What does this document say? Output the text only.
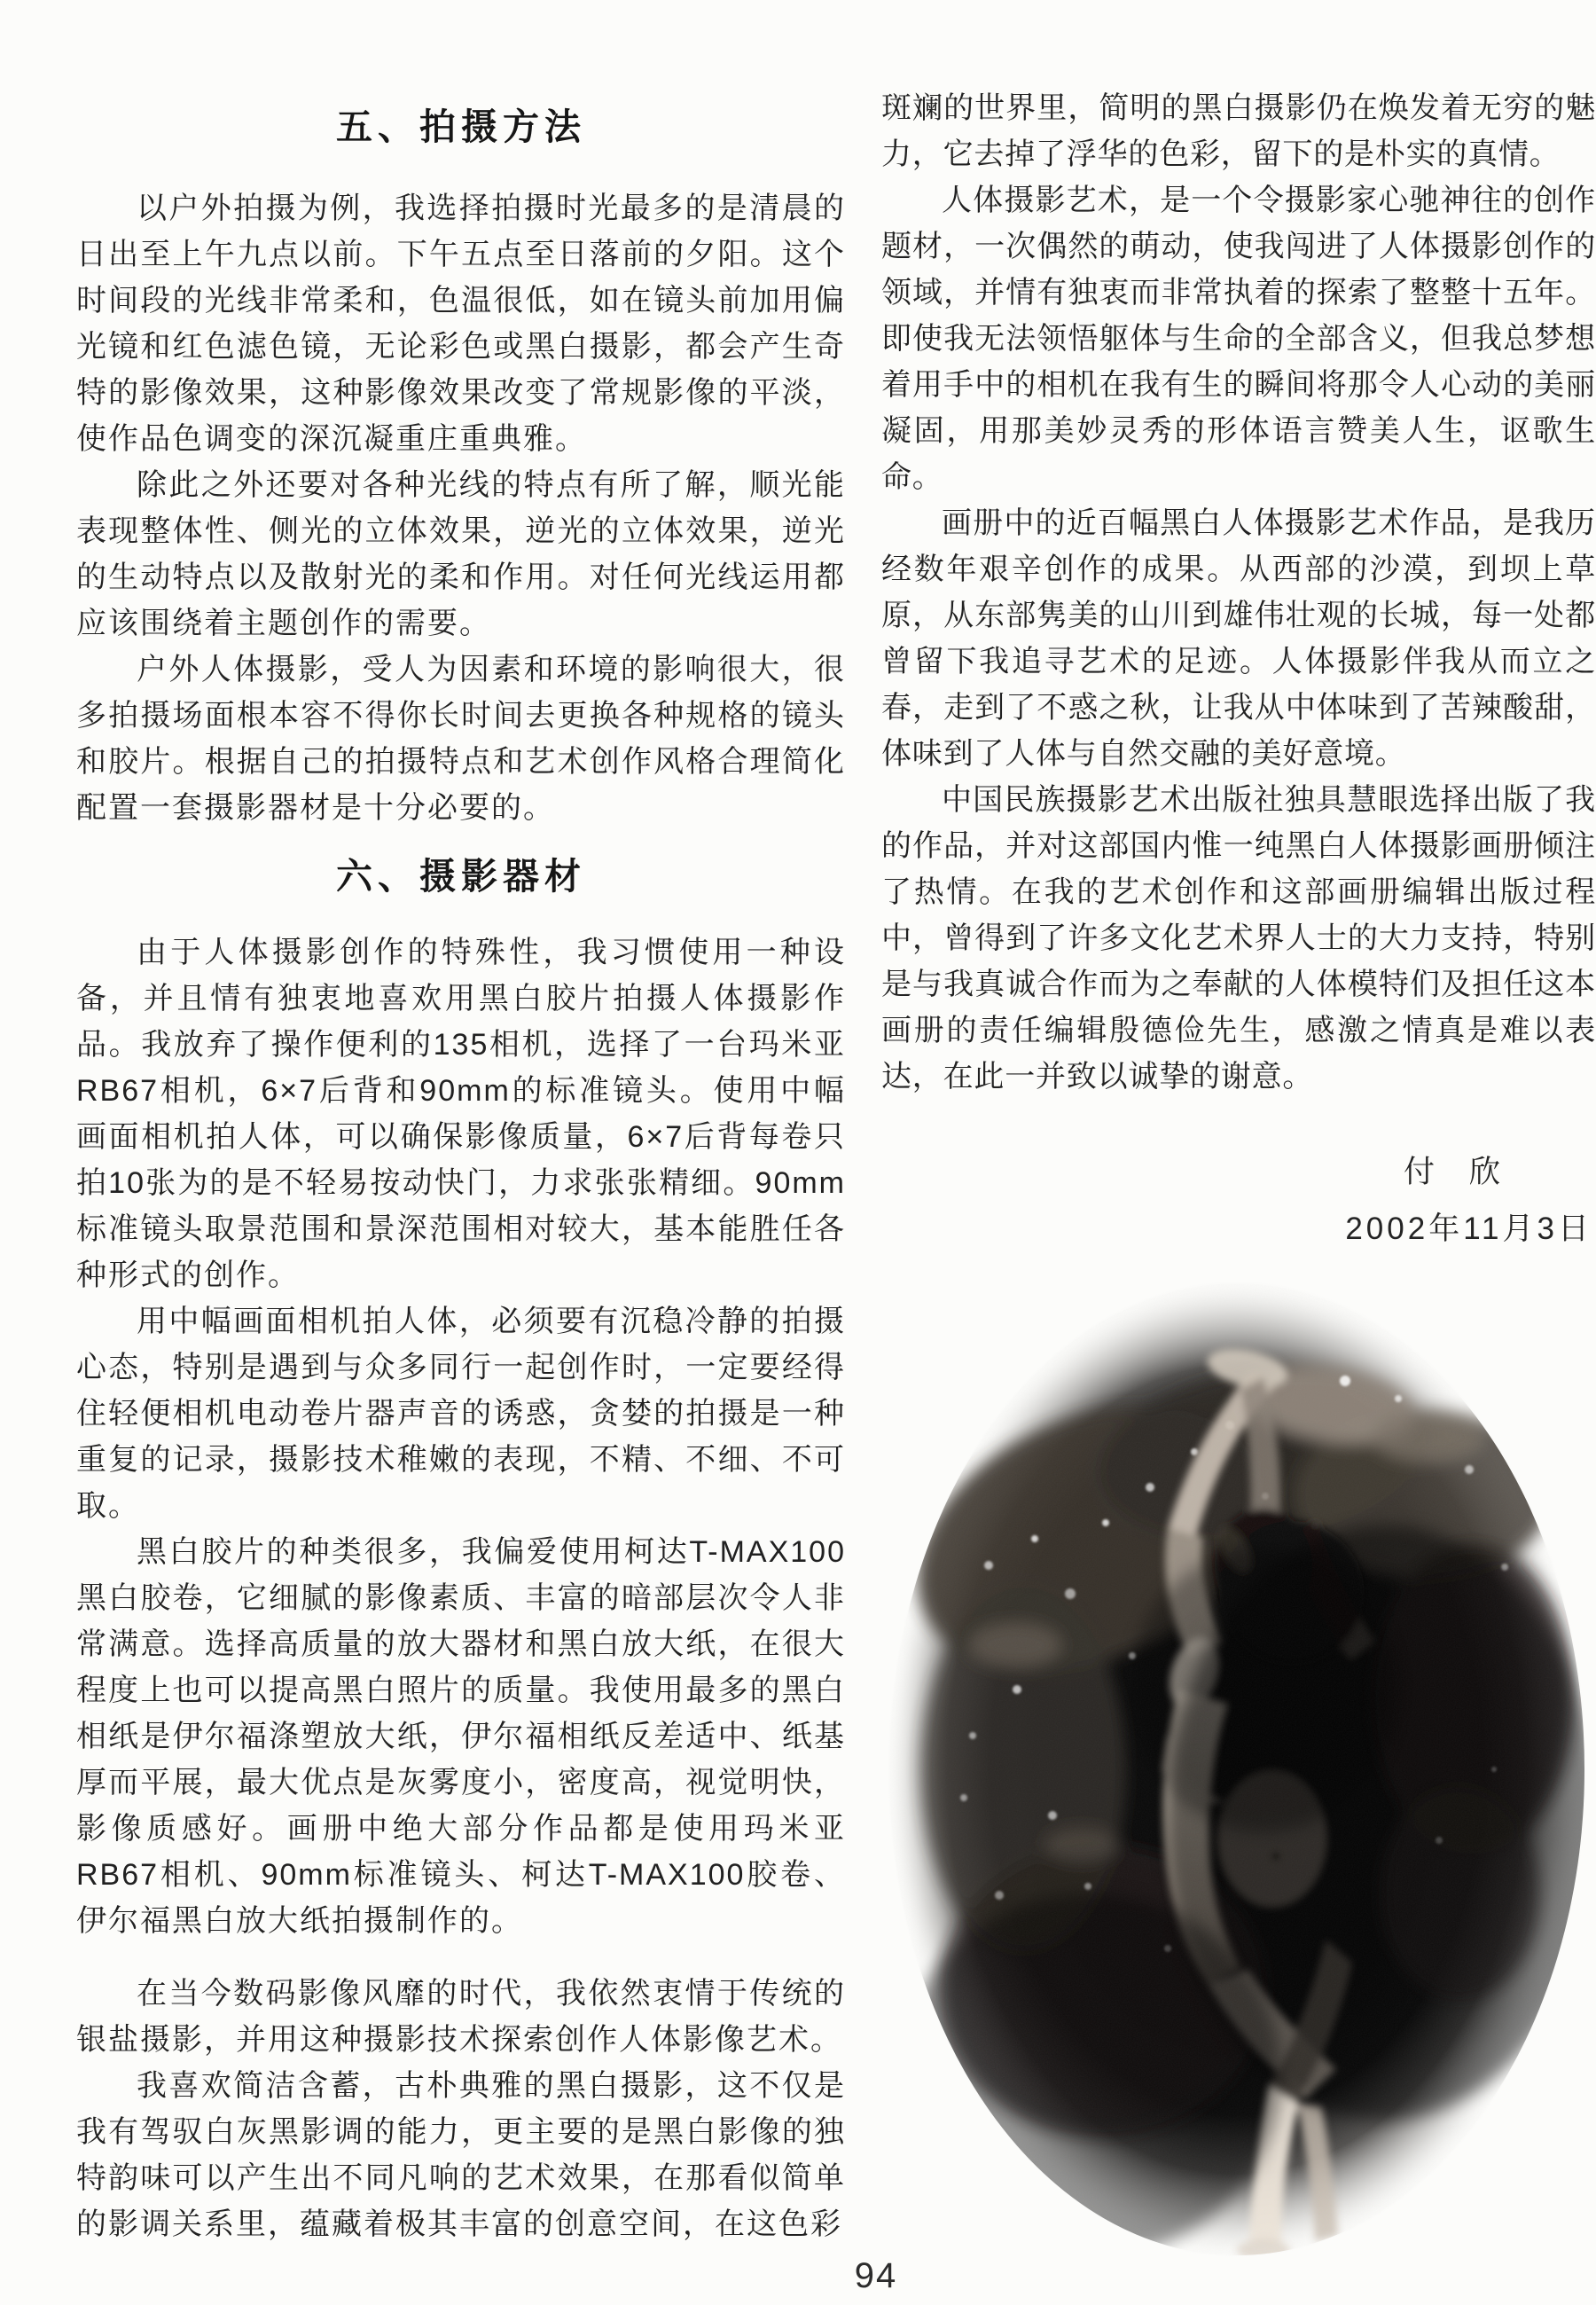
五、拍摄方法

以户外拍摄为例，我选择拍摄时光最多的是清晨的日出至上午九点以前。下午五点至日落前的夕阳。这个时间段的光线非常柔和，色温很低，如在镜头前加用偏光镜和红色滤色镜，无论彩色或黑白摄影，都会产生奇特的影像效果，这种影像效果改变了常规影像的平淡，使作品色调变的深沉凝重庄重典雅。

除此之外还要对各种光线的特点有所了解，顺光能表现整体性、侧光的立体效果，逆光的立体效果，逆光的生动特点以及散射光的柔和作用。对任何光线运用都应该围绕着主题创作的需要。

户外人体摄影，受人为因素和环境的影响很大，很多拍摄场面根本容不得你长时间去更换各种规格的镜头和胶片。根据自己的拍摄特点和艺术创作风格合理简化配置一套摄影器材是十分必要的。

六、摄影器材

由于人体摄影创作的特殊性，我习惯使用一种设备，并且情有独衷地喜欢用黑白胶片拍摄人体摄影作品。我放弃了操作便利的135相机，选择了一台玛米亚RB67相机，6×7后背和90mm的标准镜头。使用中幅画面相机拍人体，可以确保影像质量，6×7后背每卷只拍10张为的是不轻易按动快门，力求张张精细。90mm标准镜头取景范围和景深范围相对较大，基本能胜任各种形式的创作。

用中幅画面相机拍人体，必须要有沉稳冷静的拍摄心态，特别是遇到与众多同行一起创作时，一定要经得住轻便相机电动卷片器声音的诱惑，贪婪的拍摄是一种重复的记录，摄影技术稚嫩的表现，不精、不细、不可取。

黑白胶片的种类很多，我偏爱使用柯达T-MAX100黑白胶卷，它细腻的影像素质、丰富的暗部层次令人非常满意。选择高质量的放大器材和黑白放大纸，在很大程度上也可以提高黑白照片的质量。我使用最多的黑白相纸是伊尔福涤塑放大纸，伊尔福相纸反差适中、纸基厚而平展，最大优点是灰雾度小，密度高，视觉明快，影像质感好。画册中绝大部分作品都是使用玛米亚RB67相机、90mm标准镜头、柯达T-MAX100胶卷、伊尔福黑白放大纸拍摄制作的。

在当今数码影像风靡的时代，我依然衷情于传统的银盐摄影，并用这种摄影技术探索创作人体影像艺术。

我喜欢简洁含蓄，古朴典雅的黑白摄影，这不仅是我有驾驭白灰黑影调的能力，更主要的是黑白影像的独特韵味可以产生出不同凡响的艺术效果，在那看似简单的影调关系里，蕴藏着极其丰富的创意空间，在这色彩

斑斓的世界里，简明的黑白摄影仍在焕发着无穷的魅力，它去掉了浮华的色彩，留下的是朴实的真情。

人体摄影艺术，是一个令摄影家心驰神往的创作题材，一次偶然的萌动，使我闯进了人体摄影创作的领域，并情有独衷而非常执着的探索了整整十五年。即使我无法领悟躯体与生命的全部含义，但我总梦想着用手中的相机在我有生的瞬间将那令人心动的美丽凝固，用那美妙灵秀的形体语言赞美人生，讴歌生命。

画册中的近百幅黑白人体摄影艺术作品，是我历经数年艰辛创作的成果。从西部的沙漠，到坝上草原，从东部隽美的山川到雄伟壮观的长城，每一处都曾留下我追寻艺术的足迹。人体摄影伴我从而立之春，走到了不惑之秋，让我从中体味到了苦辣酸甜，体味到了人体与自然交融的美好意境。

中国民族摄影艺术出版社独具慧眼选择出版了我的作品，并对这部国内惟一纯黑白人体摄影画册倾注了热情。在我的艺术创作和这部画册编辑出版过程中，曾得到了许多文化艺术界人士的大力支持，特别是与我真诚合作而为之奉献的人体模特们及担任这本画册的责任编辑殷德俭先生，感激之情真是难以表达，在此一并致以诚挚的谢意。

付　欣
2002年11月3日
94
